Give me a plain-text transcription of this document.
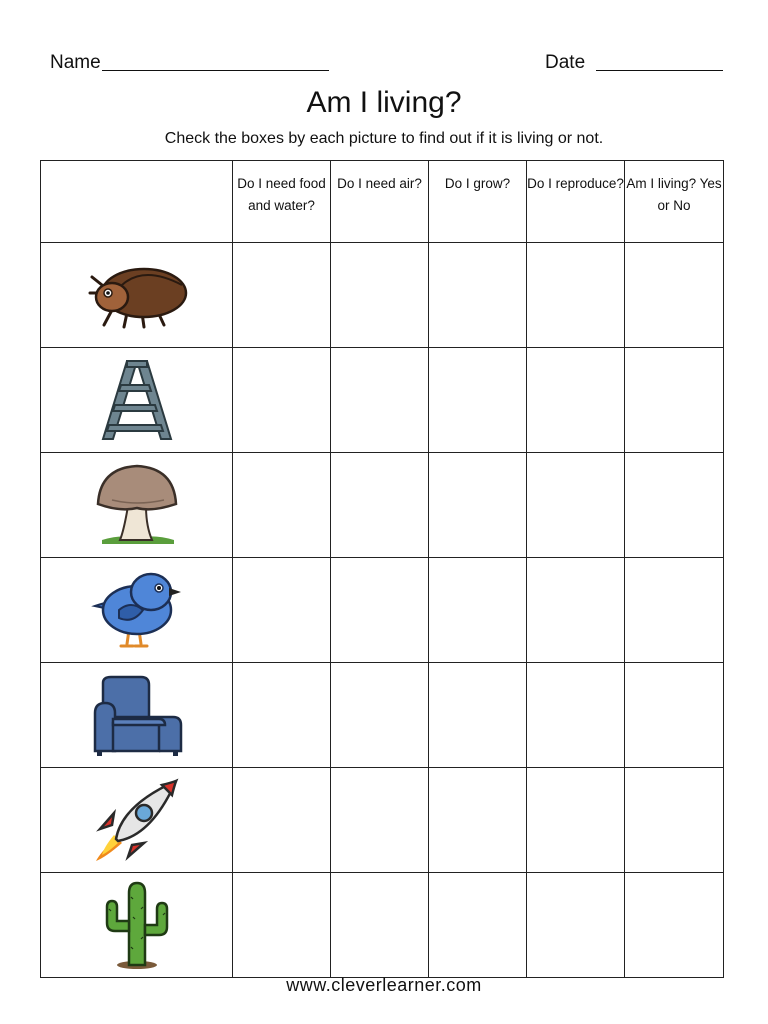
Name	Date
Am I living?
Check the boxes by each picture to find out if it is living or not.
	Do I need food and water?	Do I need air?	Do I grow?	Do I reproduce?	Am I living? Yes or No

www.cleverlearner.com
